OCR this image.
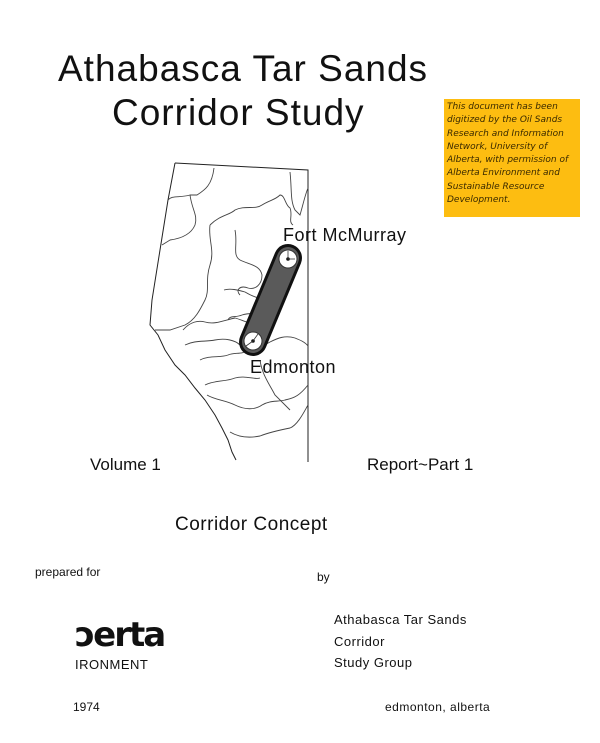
Athabasca Tar Sands
Corridor Study	This document has been digitized by the Oil Sands Research and Information Network, University of Alberta, with permission of Alberta Environment and Sustainable Resource Development.
Fort McMurray
Edmonton
Volume 1	Report~Part 1
Corridor Concept
prepared for	by
ɔerta
IRONMENT
1974
Athabasca Tar Sands
Corridor
Study Group
edmonton, alberta
